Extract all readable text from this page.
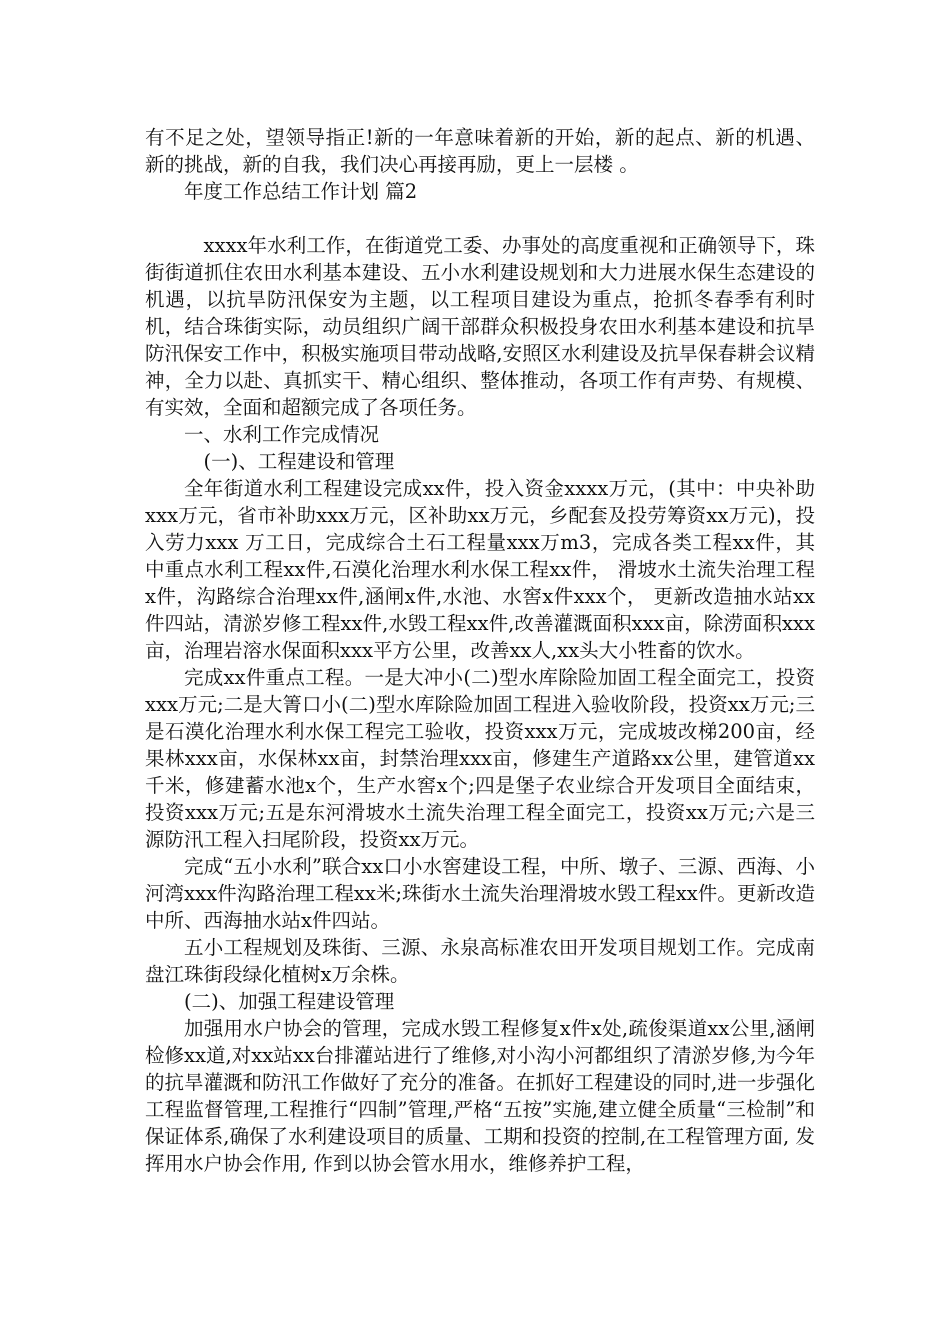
有不足之处，望领导指正!新的一年意味着新的开始，新的起点、新的机遇、新的挑战，新的自我，我们决心再接再励，更上一层楼 。

年度工作总结工作计划 篇2

xxxx年水利工作，在街道党工委、办事处的高度重视和正确领导下，珠街街道抓住农田水利基本建设、五小水利建设规划和大力进展水保生态建设的机遇，以抗旱防汛保安为主题，以工程项目建设为重点，抢抓冬春季有利时机，结合珠街实际，动员组织广阔干部群众积极投身农田水利基本建设和抗旱防汛保安工作中，积极实施项目带动战略,安照区水利建设及抗旱保春耕会议精神，全力以赴、真抓实干、精心组织、整体推动，各项工作有声势、有规模、有实效，全面和超额完成了各项任务。

一、水利工作完成情况

(一)、工程建设和管理

全年街道水利工程建设完成xx件，投入资金xxxx万元，(其中：中央补助xxx万元，省市补助xxx万元，区补助xx万元，乡配套及投劳筹资xx万元)，投入劳力xxx 万工日，完成综合土石工程量xxx万m3，完成各类工程xx件，其中重点水利工程xx件,石漠化治理水利水保工程xx件， 滑坡水土流失治理工程x件，沟路综合治理xx件,涵闸x件,水池、水窖x件xxx个， 更新改造抽水站xx件四站，清淤岁修工程xx件,水毁工程xx件,改善灌溉面积xxx亩，除涝面积xxx亩，治理岩溶水保面积xxx平方公里，改善xx人,xx头大小牲畜的饮水。

完成xx件重点工程。一是大冲小(二)型水库除险加固工程全面完工，投资xxx万元;二是大箐口小(二)型水库除险加固工程进入验收阶段，投资xx万元;三是石漠化治理水利水保工程完工验收，投资xxx万元，完成坡改梯200亩，经果林xxx亩，水保林xx亩，封禁治理xxx亩，修建生产道路xx公里，建管道xx千米，修建蓄水池x个，生产水窖x个;四是堡子农业综合开发项目全面结束，投资xxx万元;五是东河滑坡水土流失治理工程全面完工，投资xx万元;六是三源防汛工程入扫尾阶段，投资xx万元。

完成“五小水利”联合xx口小水窖建设工程，中所、墩子、三源、西海、小河湾xxx件沟路治理工程xx米;珠街水土流失治理滑坡水毁工程xx件。更新改造中所、西海抽水站x件四站。

五小工程规划及珠街、三源、永泉高标准农田开发项目规划工作。完成南盘江珠街段绿化植树x万余株。

(二)、加强工程建设管理

加强用水户协会的管理，完成水毁工程修复x件x处,疏俊渠道xx公里,涵闸检修xx道,对xx站xx台排灌站进行了维修,对小沟小河都组织了清淤岁修,为今年的抗旱灌溉和防汛工作做好了充分的准备。在抓好工程建设的同时,进一步强化工程监督管理,工程推行“四制”管理,严格“五按”实施,建立健全质量“三检制”和保证体系,确保了水利建设项目的质量、工期和投资的控制,在工程管理方面, 发挥用水户协会作用, 作到以协会管水用水，维修养护工程，
